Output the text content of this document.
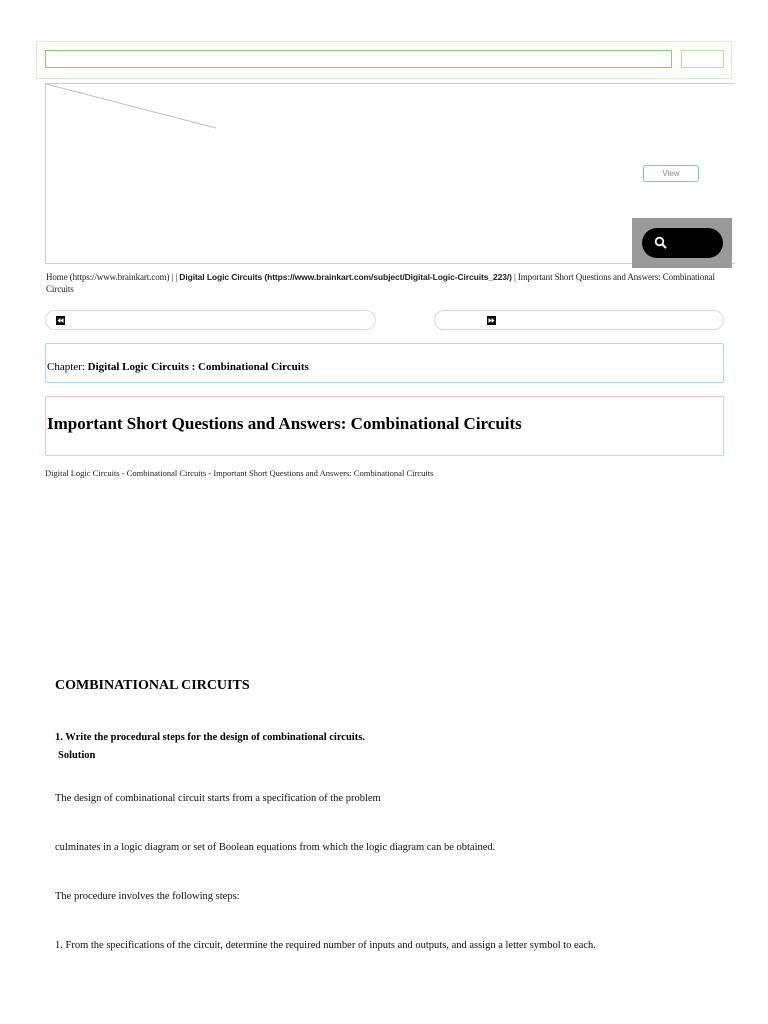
View
Home (https://www.brainkart.com) | | Digital Logic Circuits (https://www.brainkart.com/subject/Digital-Logic-Circuits_223/) | Important Short Questions and Answers: Combinational Circuits
Chapter: Digital Logic Circuits : Combinational Circuits
Important Short Questions and Answers: Combinational Circuits
Digital Logic Circuits - Combinational Circuits - Important Short Questions and Answers: Combinational Circuits
COMBINATIONAL CIRCUITS
1. Write the procedural steps for the design of combinational circuits.
Solution
The design of combinational circuit starts from a specification of the problem
culminates in a logic diagram or set of Boolean equations from which the logic diagram can be obtained.
The procedure involves the following steps:
1. From the specifications of the circuit, determine the required number of inputs and outputs, and assign a letter symbol to each.
